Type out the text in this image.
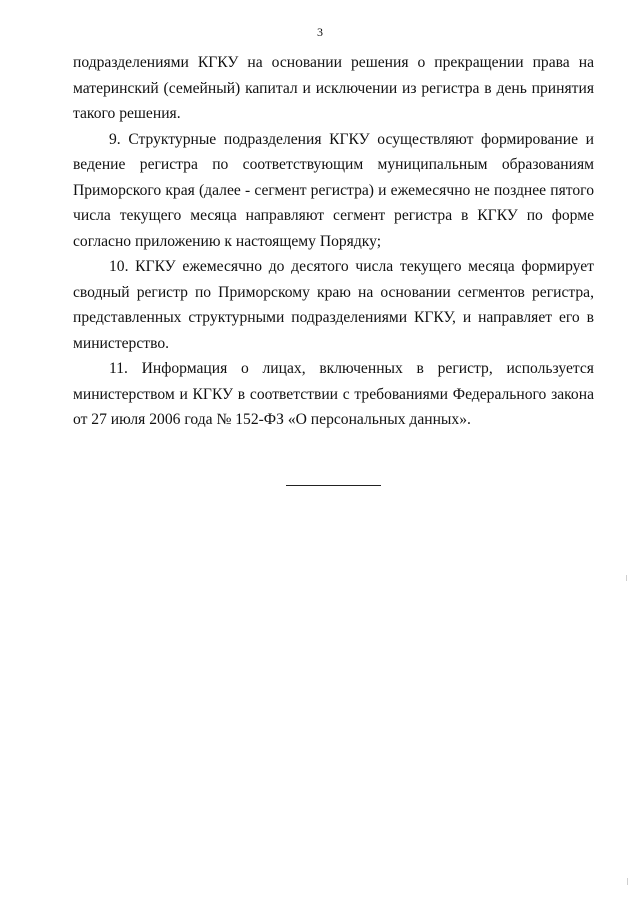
3

подразделениями КГКУ на основании решения о прекращении права на материнский (семейный) капитал и исключении из регистра в день принятия такого решения.

9. Структурные подразделения КГКУ осуществляют формирование и ведение регистра по соответствующим муниципальным образованиям Приморского края (далее - сегмент регистра) и ежемесячно не позднее пятого числа текущего месяца направляют сегмент регистра в КГКУ по форме согласно приложению к настоящему Порядку;

10. КГКУ ежемесячно до десятого числа текущего месяца формирует сводный регистр по Приморскому краю на основании сегментов регистра, представленных структурными подразделениями КГКУ, и направляет его в министерство.

11. Информация о лицах, включенных в регистр, используется министерством и КГКУ в соответствии с требованиями Федерального закона от 27 июля 2006 года № 152-ФЗ «О персональных данных».
